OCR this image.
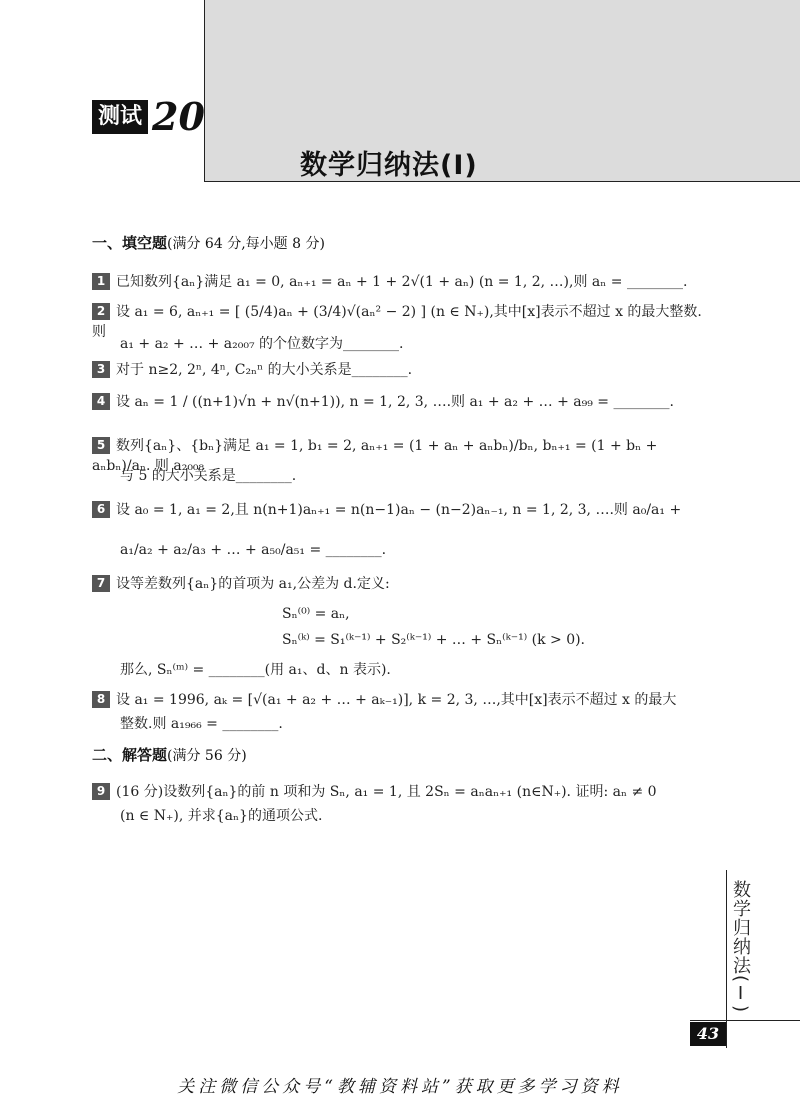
测试 20
数学归纳法(Ⅰ)
一、填空题(满分 64 分,每小题 8 分)
1 已知数列{aₙ}满足 a₁ = 0, aₙ₊₁ = aₙ + 1 + 2√(1 + aₙ) (n = 1, 2, …),则 aₙ = ________.
2 设 a₁ = 6, aₙ₊₁ = [ (5/4)aₙ + (3/4)√(aₙ² − 2) ] (n ∈ N₊),其中[x]表示不超过 x 的最大整数.则
a₁ + a₂ + … + a₂₀₀₇ 的个位数字为________.
3 对于 n≥2, 2ⁿ, 4ⁿ, C₂ₙⁿ 的大小关系是________.
4 设 aₙ = 1 / ((n+1)√n + n√(n+1)), n = 1, 2, 3, ….则 a₁ + a₂ + … + a₉₉ = ________.
5 数列{aₙ}、{bₙ}满足 a₁ = 1, b₁ = 2, aₙ₊₁ = (1 + aₙ + aₙbₙ)/bₙ, bₙ₊₁ = (1 + bₙ + aₙbₙ)/aₙ. 则 a₂₀₀₈
与 5 的大小关系是________.
6 设 a₀ = 1, a₁ = 2,且 n(n+1)aₙ₊₁ = n(n−1)aₙ − (n−2)aₙ₋₁, n = 1, 2, 3, ….则 a₀/a₁ +
a₁/a₂ + a₂/a₃ + … + a₅₀/a₅₁ = ________.
7 设等差数列{aₙ}的首项为 a₁,公差为 d.定义:
Sₙ⁽⁰⁾ = aₙ,
Sₙ⁽ᵏ⁾ = S₁⁽ᵏ⁻¹⁾ + S₂⁽ᵏ⁻¹⁾ + … + Sₙ⁽ᵏ⁻¹⁾ (k > 0).
那么, Sₙ⁽ᵐ⁾ = ________(用 a₁、d、n 表示).
8 设 a₁ = 1996, aₖ = [√(a₁ + a₂ + … + aₖ₋₁)], k = 2, 3, …,其中[x]表示不超过 x 的最大
整数.则 a₁₉₆₆ = ________.
二、解答题(满分 56 分)
9 (16 分)设数列{aₙ}的前 n 项和为 Sₙ, a₁ = 1, 且 2Sₙ = aₙaₙ₊₁ (n∈N₊). 证明: aₙ ≠ 0
(n ∈ N₊), 并求{aₙ}的通项公式.
数学归纳法(Ⅰ)
43
关注微信公众号“教辅资料站”获取更多学习资料
